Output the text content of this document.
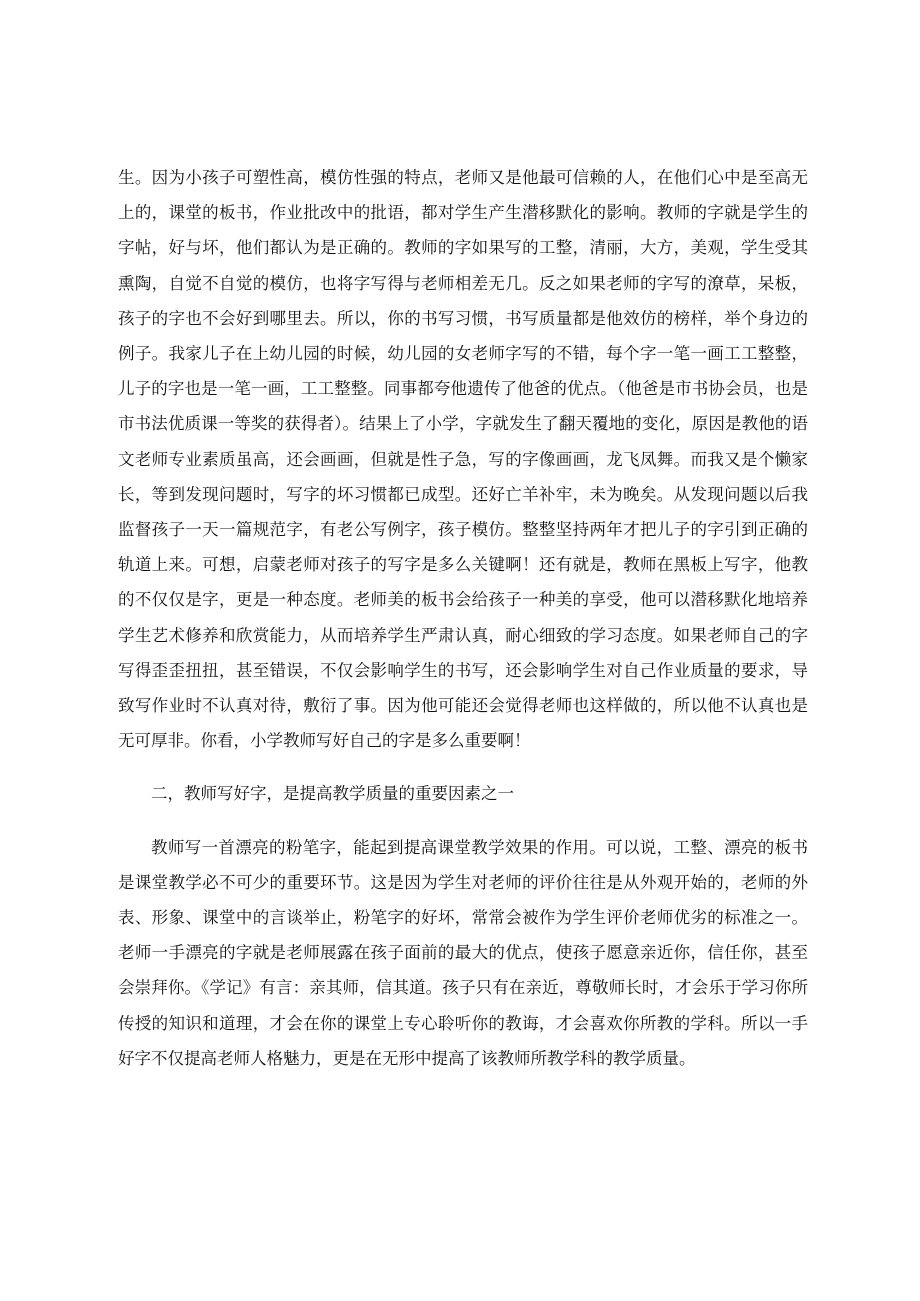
生。因为小孩子可塑性高，模仿性强的特点，老师又是他最可信赖的人，在他们心中是至高无上的，课堂的板书，作业批改中的批语，都对学生产生潜移默化的影响。教师的字就是学生的字帖，好与坏，他们都认为是正确的。教师的字如果写的工整，清丽，大方，美观，学生受其熏陶，自觉不自觉的模仿，也将字写得与老师相差无几。反之如果老师的字写的潦草，呆板，孩子的字也不会好到哪里去。所以，你的书写习惯，书写质量都是他效仿的榜样，举个身边的例子。我家儿子在上幼儿园的时候，幼儿园的女老师字写的不错，每个字一笔一画工工整整，儿子的字也是一笔一画，工工整整。同事都夸他遗传了他爸的优点。（他爸是市书协会员，也是市书法优质课一等奖的获得者）。结果上了小学，字就发生了翻天覆地的变化，原因是教他的语文老师专业素质虽高，还会画画，但就是性子急，写的字像画画，龙飞凤舞。而我又是个懒家长，等到发现问题时，写字的坏习惯都已成型。还好亡羊补牢，未为晚矣。从发现问题以后我监督孩子一天一篇规范字，有老公写例字，孩子模仿。整整坚持两年才把儿子的字引到正确的轨道上来。可想，启蒙老师对孩子的写字是多么关键啊！还有就是，教师在黑板上写字，他教的不仅仅是字，更是一种态度。老师美的板书会给孩子一种美的享受，他可以潜移默化地培养学生艺术修养和欣赏能力，从而培养学生严肃认真，耐心细致的学习态度。如果老师自己的字写得歪歪扭扭，甚至错误，不仅会影响学生的书写，还会影响学生对自己作业质量的要求，导致写作业时不认真对待，敷衍了事。因为他可能还会觉得老师也这样做的，所以他不认真也是无可厚非。你看，小学教师写好自己的字是多么重要啊！

二，教师写好字，是提高教学质量的重要因素之一

教师写一首漂亮的粉笔字，能起到提高课堂教学效果的作用。可以说，工整、漂亮的板书是课堂教学必不可少的重要环节。这是因为学生对老师的评价往往是从外观开始的，老师的外表、形象、课堂中的言谈举止，粉笔字的好坏，常常会被作为学生评价老师优劣的标准之一。老师一手漂亮的字就是老师展露在孩子面前的最大的优点，使孩子愿意亲近你，信任你，甚至会崇拜你。《学记》有言：亲其师，信其道。孩子只有在亲近，尊敬师长时，才会乐于学习你所传授的知识和道理，才会在你的课堂上专心聆听你的教诲，才会喜欢你所教的学科。所以一手好字不仅提高老师人格魅力，更是在无形中提高了该教师所教学科的教学质量。
